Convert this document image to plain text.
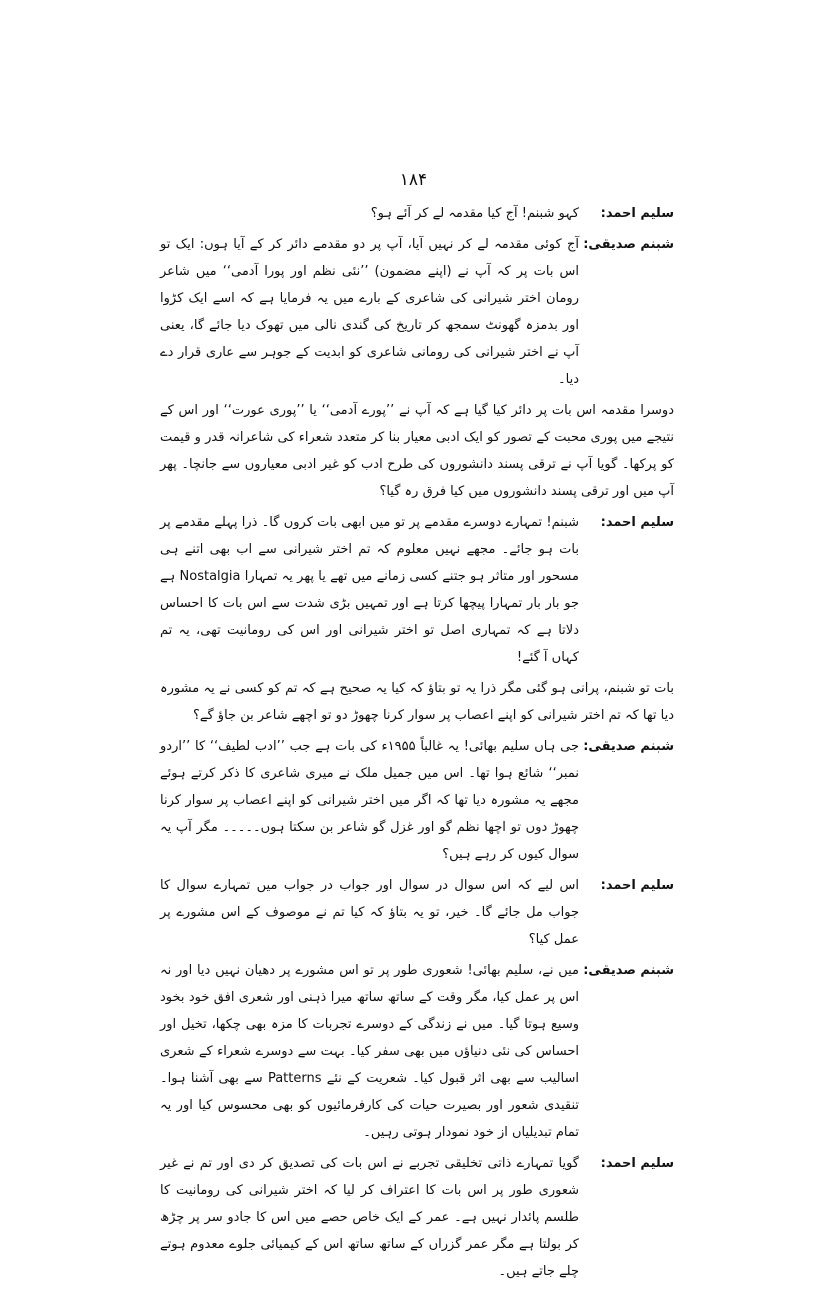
۱۸۴
سلیم احمد:

کہو شبنم! آج کیا مقدمہ لے کر آئے ہو؟

شبنم صدیقی:

آج کوئی مقدمہ لے کر نہیں آیا، آپ پر دو مقدمے دائر کر کے آیا ہوں: ایک تو اس بات پر کہ آپ نے (اپنے مضمون) ’’نئی نظم اور پورا آدمی‘‘ میں شاعر رومان اختر شیرانی کی شاعری کے بارے میں یہ فرمایا ہے کہ اسے ایک کڑوا اور بدمزہ گھونٹ سمجھ کر تاریخ کی گندی نالی میں تھوک دیا جائے گا، یعنی آپ نے اختر شیرانی کی رومانی شاعری کو ابدیت کے جوہر سے عاری قرار دے دیا۔

دوسرا مقدمہ اس بات پر دائر کیا گیا ہے کہ آپ نے ’’پورے آدمی‘‘ یا ’’پوری عورت‘‘ اور اس کے نتیجے میں پوری محبت کے تصور کو ایک ادبی معیار بنا کر متعدد شعراء کی شاعرانہ قدر و قیمت کو پرکھا۔ گویا آپ نے ترقی پسند دانشوروں کی طرح ادب کو غیر ادبی معیاروں سے جانچا۔ پھر آپ میں اور ترقی پسند دانشوروں میں کیا فرق رہ گیا؟

سلیم احمد:

شبنم! تمہارے دوسرے مقدمے پر تو میں ابھی بات کروں گا۔ ذرا پہلے مقدمے پر بات ہو جائے۔ مجھے نہیں معلوم کہ تم اختر شیرانی سے اب بھی اتنے ہی مسحور اور متاثر ہو جتنے کسی زمانے میں تھے یا پھر یہ تمہارا Nostalgia ہے جو بار بار تمہارا پیچھا کرتا ہے اور تمہیں بڑی شدت سے اس بات کا احساس دلاتا ہے کہ تمہاری اصل تو اختر شیرانی اور اس کی رومانیت تھی، یہ تم کہاں آ گئے!

بات تو شبنم، پرانی ہو گئی مگر ذرا یہ تو بتاؤ کہ کیا یہ صحیح ہے کہ تم کو کسی نے یہ مشورہ دیا تھا کہ تم اختر شیرانی کو اپنے اعصاب پر سوار کرنا چھوڑ دو تو اچھے شاعر بن جاؤ گے؟

شبنم صدیقی:

جی ہاں سلیم بھائی! یہ غالباً ۱۹۵۵ء کی بات ہے جب ’’ادب لطیف‘‘ کا ’’اردو نمبر‘‘ شائع ہوا تھا۔ اس میں جمیل ملک نے میری شاعری کا ذکر کرتے ہوئے مجھے یہ مشورہ دیا تھا کہ اگر میں اختر شیرانی کو اپنے اعصاب پر سوار کرنا چھوڑ دوں تو اچھا نظم گو اور غزل گو شاعر بن سکتا ہوں۔۔۔۔۔ مگر آپ یہ سوال کیوں کر رہے ہیں؟

سلیم احمد:

اس لیے کہ اس سوال در سوال اور جواب در جواب میں تمہارے سوال کا جواب مل جائے گا۔ خیر، تو یہ بتاؤ کہ کیا تم نے موصوف کے اس مشورے پر عمل کیا؟

شبنم صدیقی:

میں نے، سلیم بھائی! شعوری طور پر تو اس مشورے پر دھیان نہیں دیا اور نہ اس پر عمل کیا، مگر وقت کے ساتھ ساتھ میرا ذہنی اور شعری افق خود بخود وسیع ہوتا گیا۔ میں نے زندگی کے دوسرے تجربات کا مزہ بھی چکھا، تخیل اور احساس کی نئی دنیاؤں میں بھی سفر کیا۔ بہت سے دوسرے شعراء کے شعری اسالیب سے بھی اثر قبول کیا۔ شعریت کے نئے Patterns سے بھی آشنا ہوا۔ تنقیدی شعور اور بصیرت حیات کی کارفرمائیوں کو بھی محسوس کیا اور یہ تمام تبدیلیاں از خود نمودار ہوتی رہیں۔

سلیم احمد:

گویا تمہارے ذاتی تخلیقی تجربے نے اس بات کی تصدیق کر دی اور تم نے غیر شعوری طور پر اس بات کا اعتراف کر لیا کہ اختر شیرانی کی رومانیت کا طلسم پائدار نہیں ہے۔ عمر کے ایک خاص حصے میں اس کا جادو سر پر چڑھ کر بولتا ہے مگر عمر گزراں کے ساتھ ساتھ اس کے کیمیائی جلوے معدوم ہوتے چلے جاتے ہیں۔
